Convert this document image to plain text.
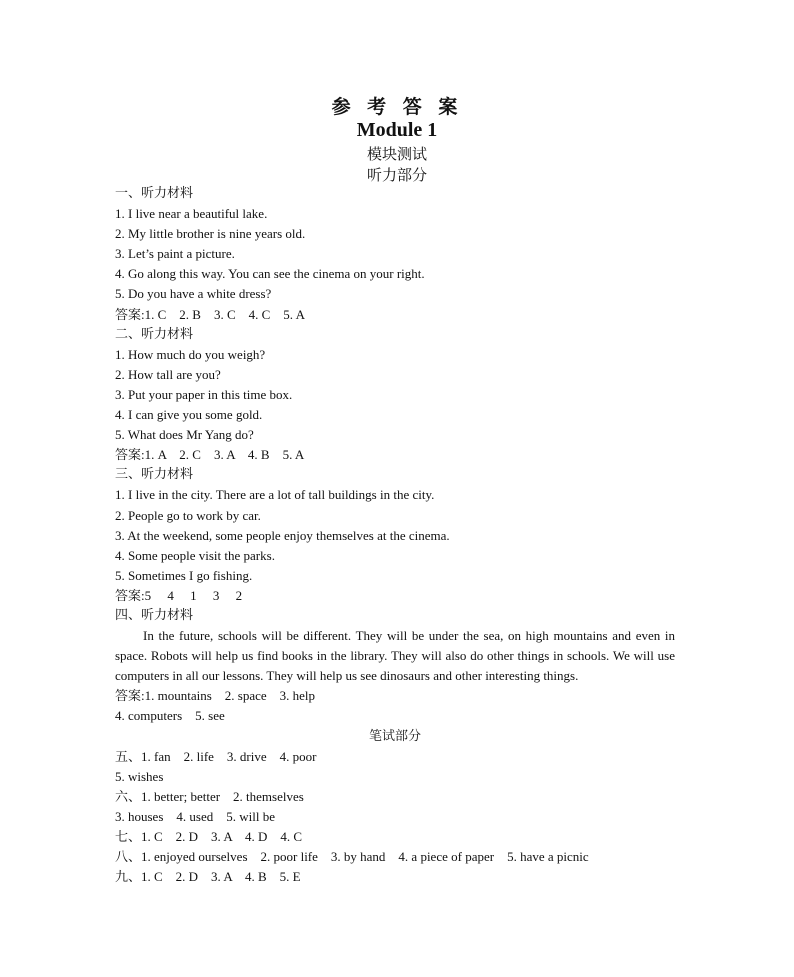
参 考 答 案
Module 1
模块测试
听力部分
一、听力材料
1. I live near a beautiful lake.
2. My little brother is nine years old.
3. Let’s paint a picture.
4. Go along this way. You can see the cinema on your right.
5. Do you have a white dress?
答案:1. C    2. B    3. C    4. C    5. A
二、听力材料
1. How much do you weigh?
2. How tall are you?
3. Put your paper in this time box.
4. I can give you some gold.
5. What does Mr Yang do?
答案:1. A    2. C    3. A    4. B    5. A
三、听力材料
1. I live in the city. There are a lot of tall buildings in the city.
2. People go to work by car.
3. At the weekend, some people enjoy themselves at the cinema.
4. Some people visit the parks.
5. Sometimes I go fishing.
答案:5     4     1     3     2
四、听力材料
In the future, schools will be different. They will be under the sea, on high mountains and even in space. Robots will help us find books in the library. They will also do other things in schools. We will use computers in all our lessons. They will help us see dinosaurs and other interesting things.
答案:1. mountains    2. space    3. help
4. computers    5. see
笔试部分
五、1. fan    2. life    3. drive    4. poor
5. wishes
六、1. better; better    2. themselves
3. houses    4. used    5. will be
七、1. C    2. D    3. A    4. D    4. C
八、1. enjoyed ourselves    2. poor life    3. by hand    4. a piece of paper    5. have a picnic
九、1. C    2. D    3. A    4. B    5. E
